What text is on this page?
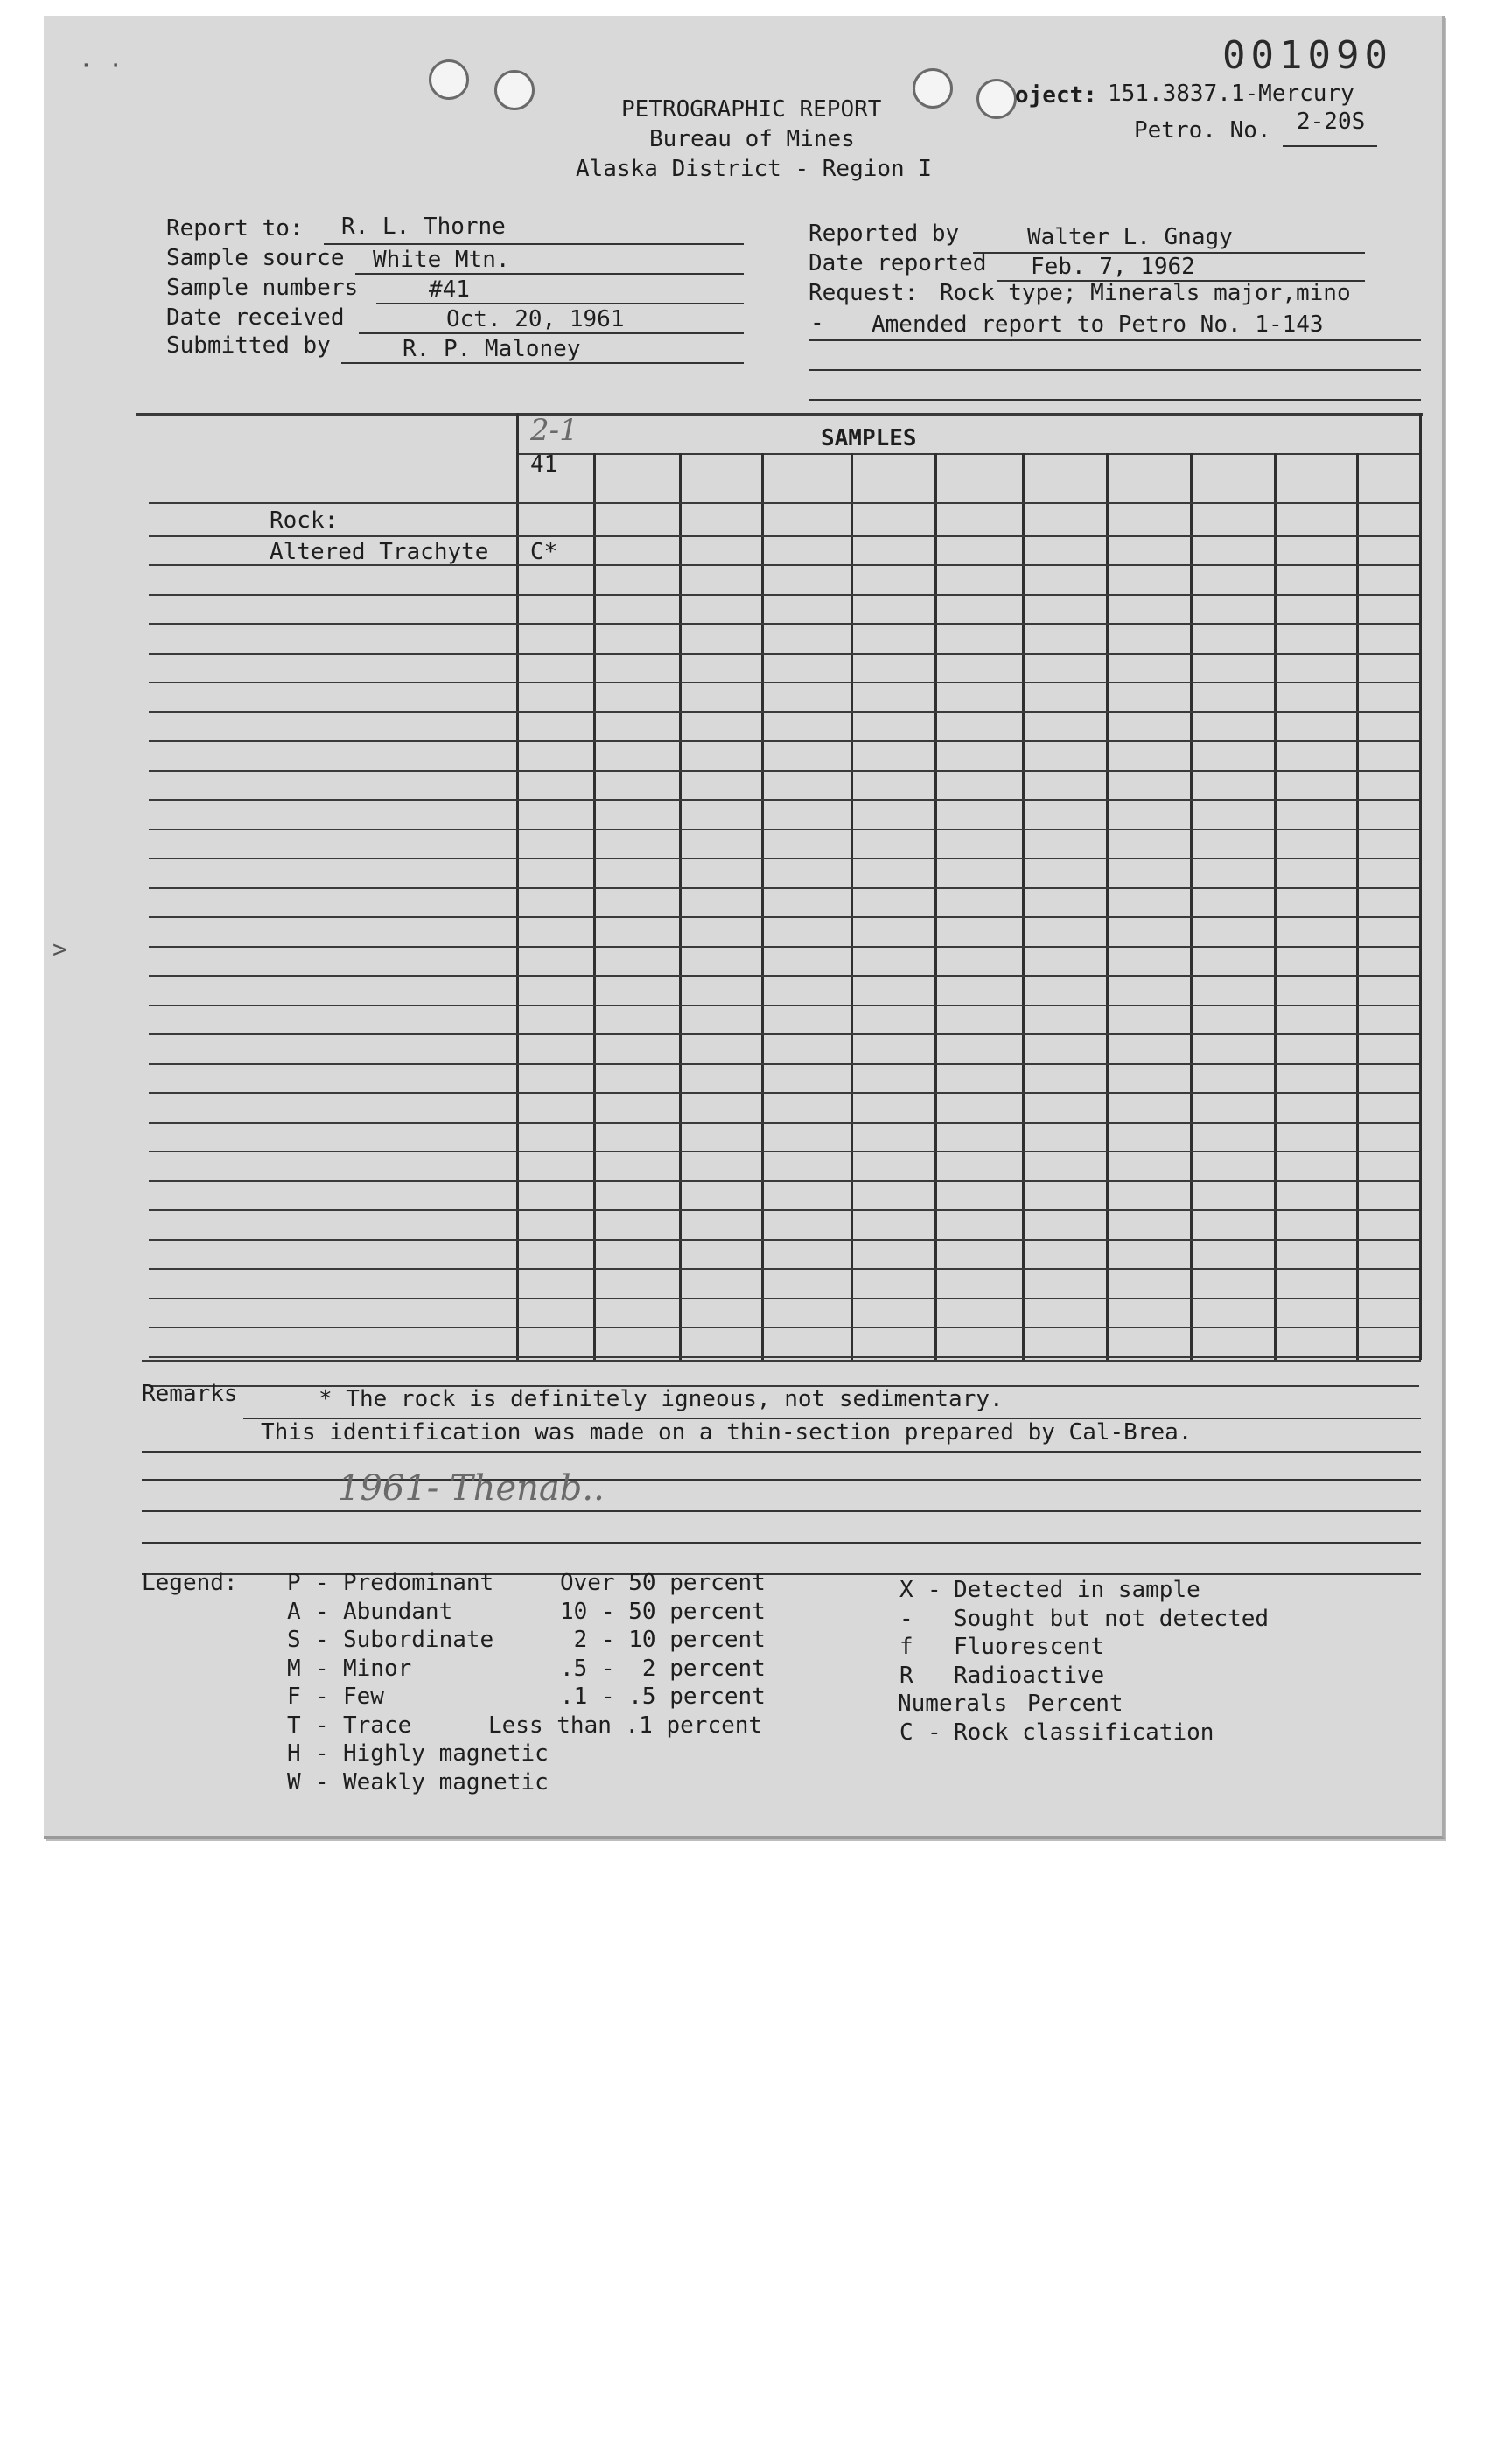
· ·
>
001090
PETROGRAPHIC REPORT
Bureau of Mines
Alaska District - Region I
oject: 151.3837.1-Mercury
Petro. No. 2-20S
Report to: R. L. Thorne
Sample source White Mtn.
Sample numbers	#41
Date received	Oct. 20, 1961
Submitted by	R. P. Maloney
Reported by	Walter L. Gnagy
Date reported Feb. 7, 1962
Request: Rock type; Minerals major,mino
- Amended report to Petro No. 1-143
SAMPLES
2-1
41
Rock:
Altered Trachyte C*
Remarks	* The rock is definitely igneous, not sedimentary.
This identification was made on a thin-section prepared by Cal-Brea.
1961- Thenab..
Legend: P - Predominant	Over 50 percent
A - Abundant	10 - 50 percent
S - Subordinate	2 - 10 percent
M - Minor	.5 -  2 percent
F - Few	.1 - .5 percent
T - Trace	Less than .1 percent
H - Highly magnetic
W - Weakly magnetic
X - Detected in sample
- Sought but not detected
f Fluorescent
R Radioactive
Numerals Percent
C - Rock classification
